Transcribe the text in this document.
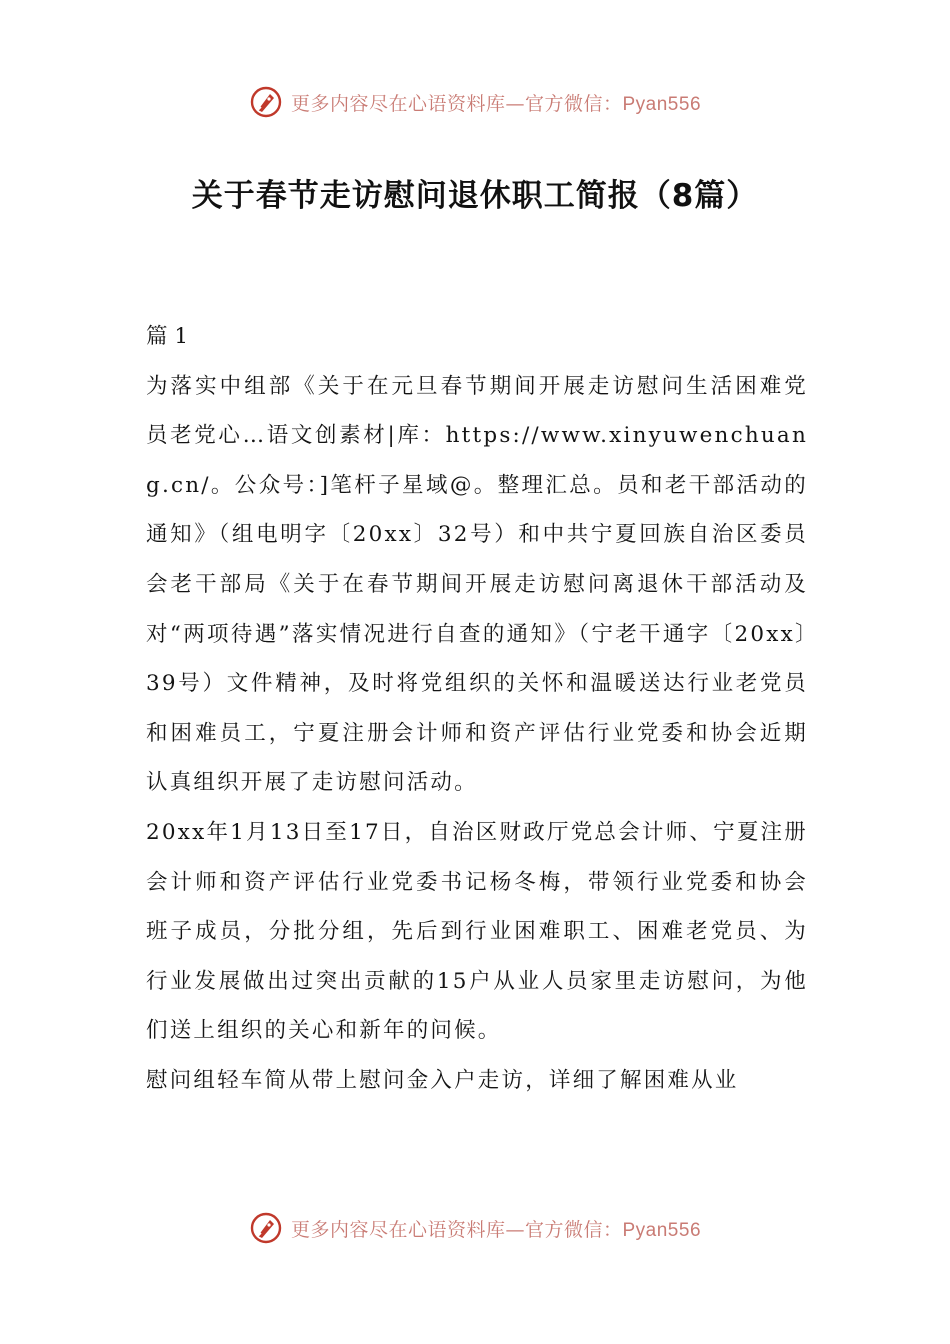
更多内容尽在心语资料库—官方微信：Pyan556
关于春节走访慰问退休职工简报（8篇）

篇 1

为落实中组部《关于在元旦春节期间开展走访慰问生活困难党员老党心…语文创素材|库：https://www.xinyuwenchuang.cn/。公众号：]笔杆子星域@。整理汇总。员和老干部活动的通知》（组电明字〔20xx〕32号）和中共宁夏回族自治区委员会老干部局《关于在春节期间开展走访慰问离退休干部活动及对“两项待遇”落实情况进行自查的通知》（宁老干通字〔20xx〕39号）文件精神，及时将党组织的关怀和温暖送达行业老党员和困难员工，宁夏注册会计师和资产评估行业党委和协会近期认真组织开展了走访慰问活动。

20xx年1月13日至17日，自治区财政厅党总会计师、宁夏注册会计师和资产评估行业党委书记杨冬梅，带领行业党委和协会班子成员，分批分组，先后到行业困难职工、困难老党员、为行业发展做出过突出贡献的15户从业人员家里走访慰问，为他们送上组织的关心和新年的问候。

慰问组轻车简从带上慰问金入户走访，详细了解困难从业

更多内容尽在心语资料库—官方微信：Pyan556
